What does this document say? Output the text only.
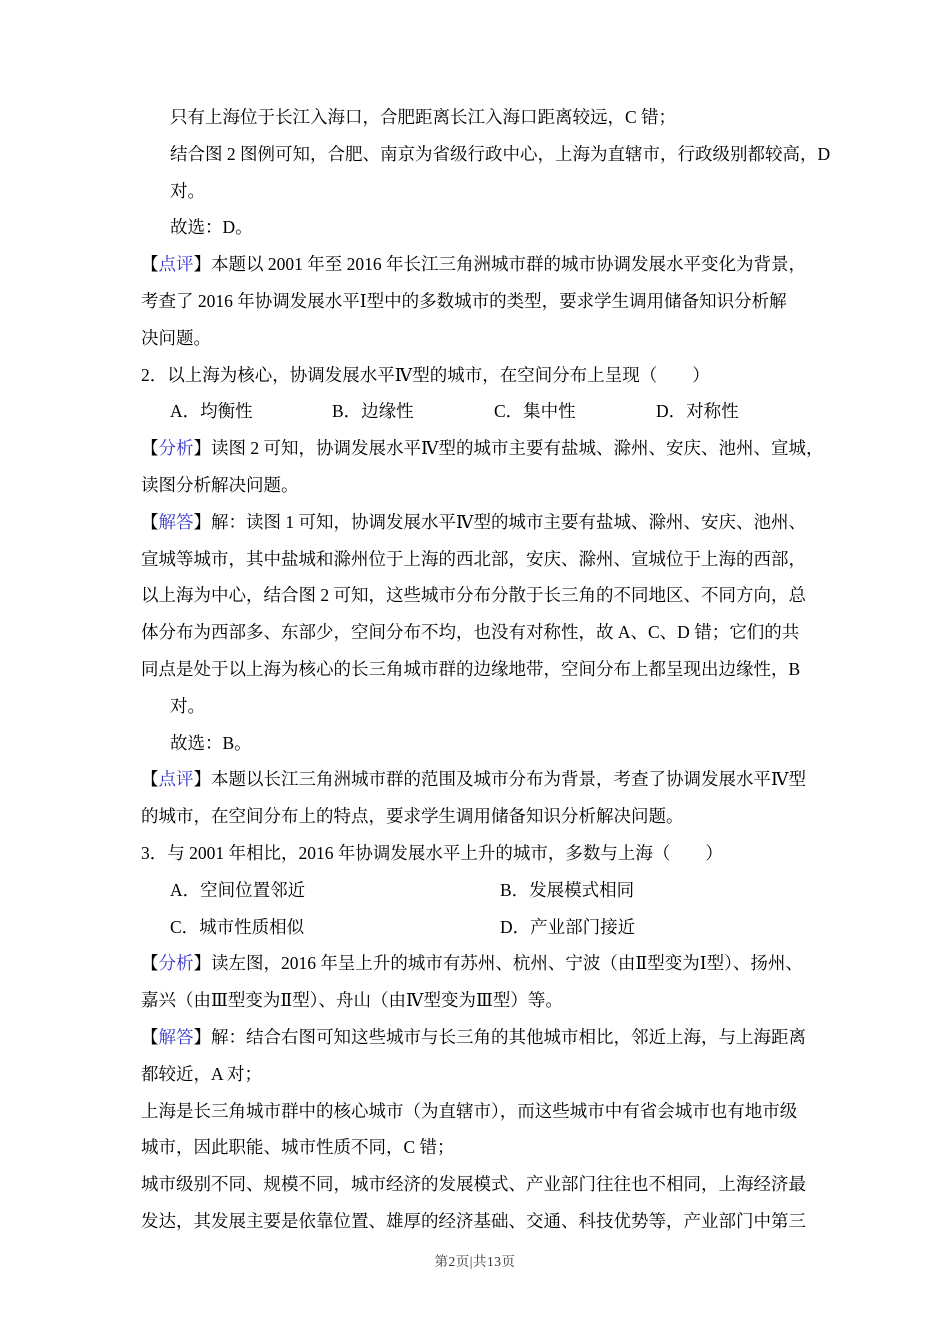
只有上海位于长江入海口，合肥距离长江入海口距离较远，C 错；
结合图 2 图例可知，合肥、南京为省级行政中心，上海为直辖市，行政级别都较高，D
对。
故选：D。
【点评】本题以 2001 年至 2016 年长江三角洲城市群的城市协调发展水平变化为背景，
考查了 2016 年协调发展水平Ⅰ型中的多数城市的类型，要求学生调用储备知识分析解
决问题。
2．以上海为核心，协调发展水平Ⅳ型的城市，在空间分布上呈现（　　）
A．均衡性	B．边缘性	C．集中性	D．对称性
【分析】读图 2 可知，协调发展水平Ⅳ型的城市主要有盐城、滁州、安庆、池州、宣城，
读图分析解决问题。
【解答】解：读图 1 可知，协调发展水平Ⅳ型的城市主要有盐城、滁州、安庆、池州、
宣城等城市，其中盐城和滁州位于上海的西北部，安庆、滁州、宣城位于上海的西部，
以上海为中心，结合图 2 可知，这些城市分布分散于长三角的不同地区、不同方向，总
体分布为西部多、东部少，空间分布不均，也没有对称性，故 A、C、D 错；它们的共
同点是处于以上海为核心的长三角城市群的边缘地带，空间分布上都呈现出边缘性，B
对。
故选：B。
【点评】本题以长江三角洲城市群的范围及城市分布为背景，考查了协调发展水平Ⅳ型
的城市，在空间分布上的特点，要求学生调用储备知识分析解决问题。
3．与 2001 年相比，2016 年协调发展水平上升的城市，多数与上海（　　）
A．空间位置邻近	B．发展模式相同
C．城市性质相似	D．产业部门接近
【分析】读左图，2016 年呈上升的城市有苏州、杭州、宁波（由Ⅱ型变为Ⅰ型）、扬州、
嘉兴（由Ⅲ型变为Ⅱ型）、舟山（由Ⅳ型变为Ⅲ型）等。
【解答】解：结合右图可知这些城市与长三角的其他城市相比，邻近上海，与上海距离
都较近，A 对；
上海是长三角城市群中的核心城市（为直辖市），而这些城市中有省会城市也有地市级
城市，因此职能、城市性质不同，C 错；
城市级别不同、规模不同，城市经济的发展模式、产业部门往往也不相同，上海经济最
发达，其发展主要是依靠位置、雄厚的经济基础、交通、科技优势等，产业部门中第三
第2页|共13页
